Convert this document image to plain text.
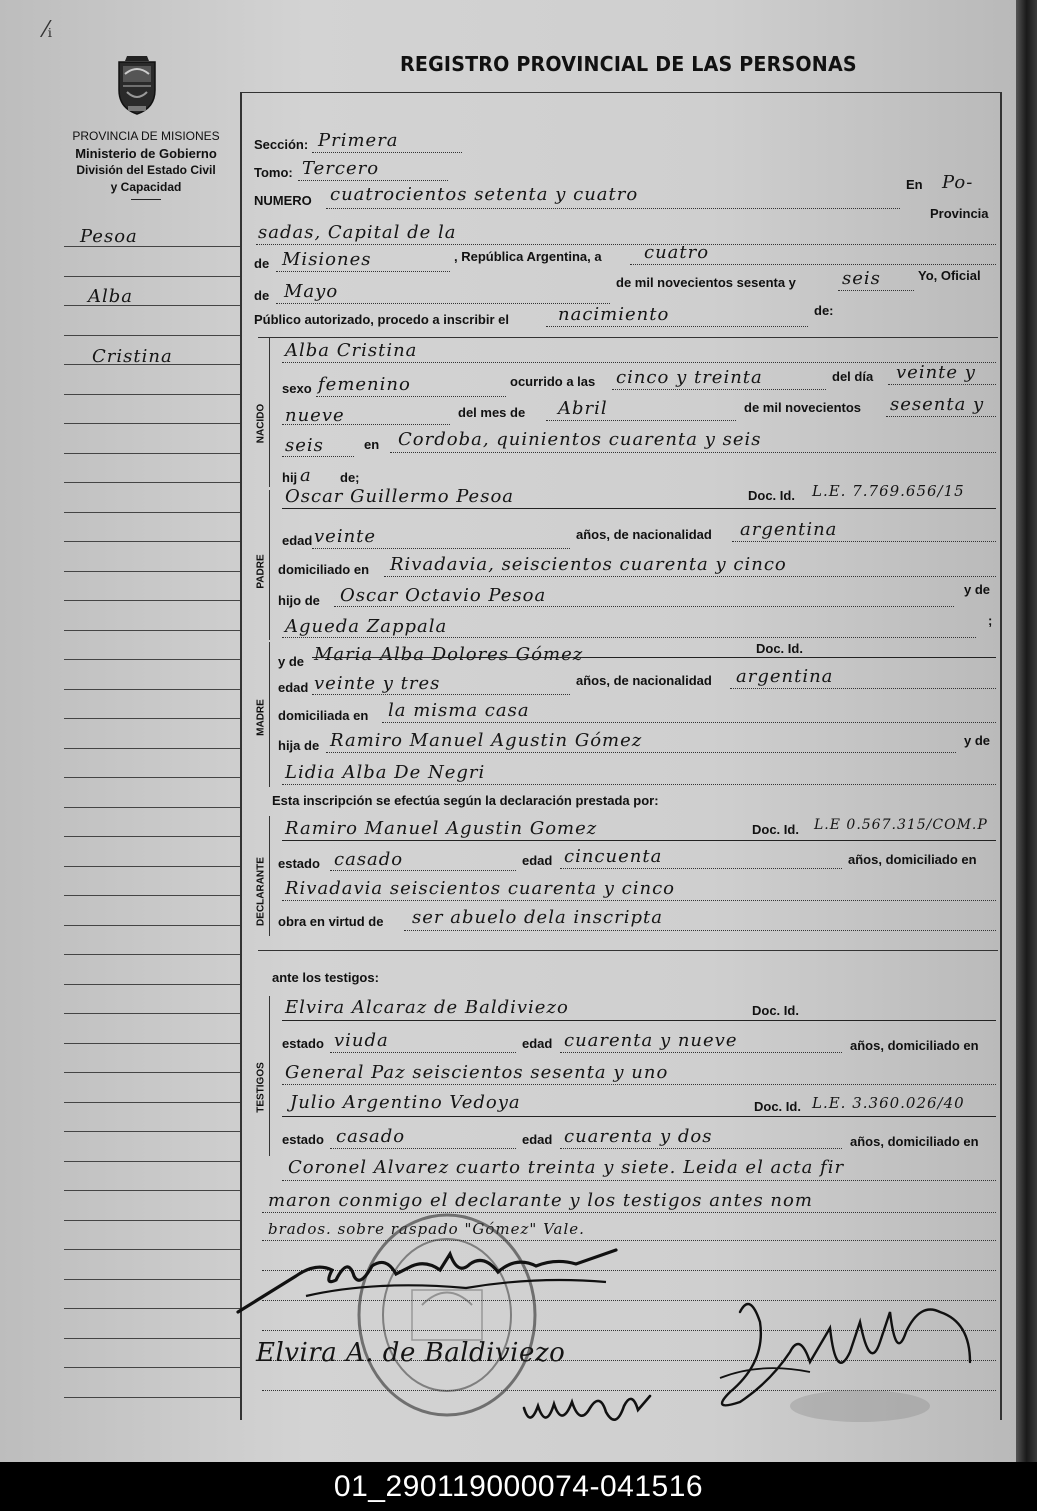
⁄ᵢ
REGISTRO PROVINCIAL DE LAS PERSONAS
PROVINCIA DE MISIONES
Ministerio de Gobierno
División del Estado Civil
y Capacidad
Pesoa
Alba
Cristina
Sección: Primera
Tomo: Tercero
NUMERO cuatrocientos setenta y cuatro	En Po-
Provincia
sadas, Capital de la
de Misiones	, República Argentina, a cuatro
de Mayo	de mil novecientos sesenta y	seis	Yo, Oficial
Público autorizado, procedo a inscribir el	nacimiento	de:
NACIDO
Alba Cristina
sexo femenino	ocurrido a las cinco y treinta	del día veinte y
nueve	del mes de Abril	de mil novecientos sesenta y
seis	en Cordoba, quinientos cuarenta y seis
hij a de;
PADRE
Oscar Guillermo Pesoa	Doc. Id. L.E. 7.769.656/15
edad veinte	años, de nacionalidad argentina
domiciliado en Rivadavia, seiscientos cuarenta y cinco
hijo de Oscar Octavio Pesoa	y de
Agueda Zappala	;
MADRE
y de Maria Alba Dolores Gómez	Doc. Id.
edad veinte y tres	años, de nacionalidad argentina
domiciliada en la misma casa
hija de Ramiro Manuel Agustin Gómez	y de
Lidia Alba De Negri
Esta inscripción se efectúa según la declaración prestada por:
DECLARANTE
Ramiro Manuel Agustin Gomez	Doc. Id. L.E 0.567.315/COM.P
estado casado	edad cincuenta	años, domiciliado en
Rivadavia seiscientos cuarenta y cinco
obra en virtud de ser abuelo dela inscripta
ante los testigos:
TESTIGOS
Elvira Alcaraz de Baldiviezo	Doc. Id.
estado viuda	edad cuarenta y nueve	años, domiciliado en
General Paz seiscientos sesenta y uno
Julio Argentino Vedoya	Doc. Id. L.E. 3.360.026/40
estado casado	edad cuarenta y dos	años, domiciliado en
Coronel Alvarez cuarto treinta y siete. Leida el acta fir
maron conmigo el declarante y los testigos antes nom
brados. sobre raspado "Gómez" Vale.
Elvira A. de Baldiviezo
01_290119000074-041516
